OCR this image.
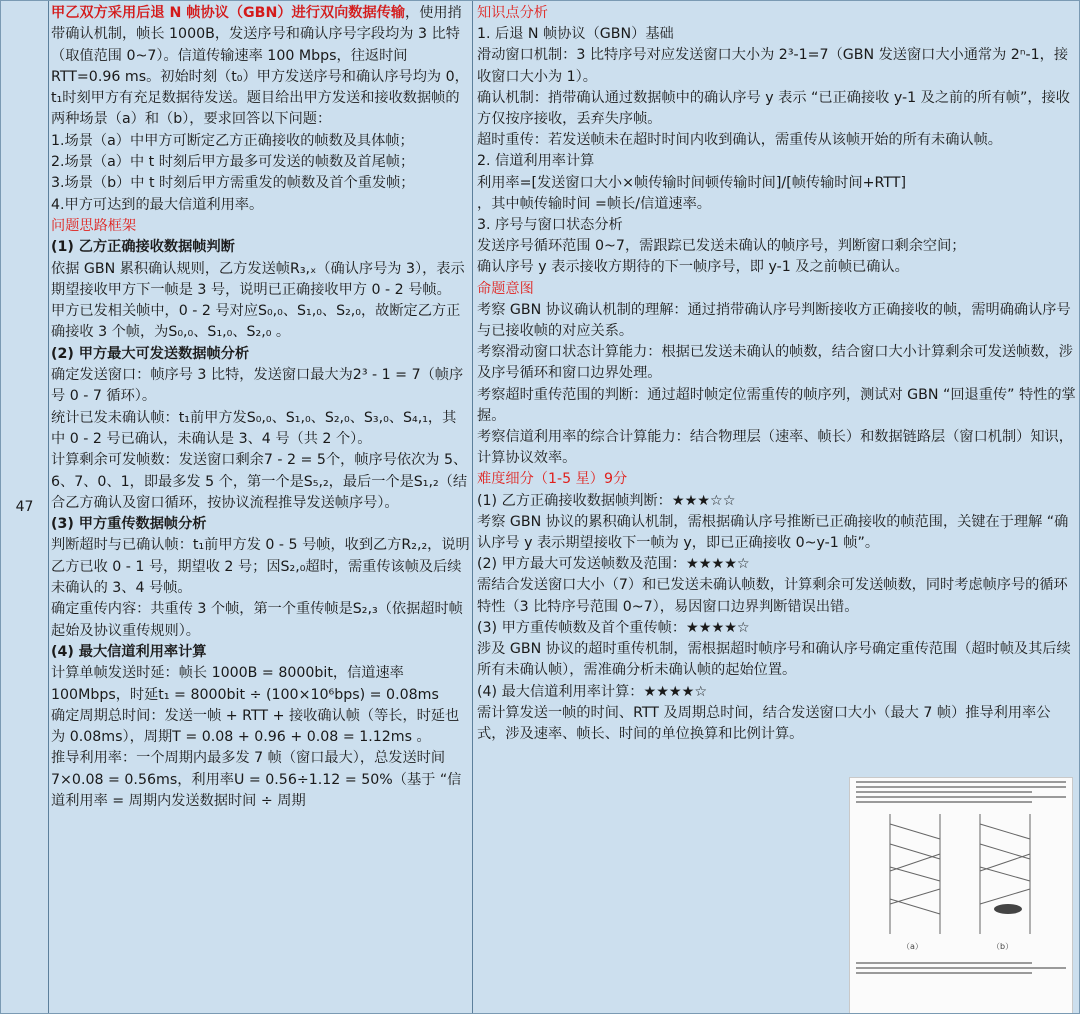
47

甲乙双方采用后退 N 帧协议（GBN）进行双向数据传输，使用捎带确认机制，帧长 1000B，发送序号和确认序号字段均为 3 比特（取值范围 0~7）。信道传输速率 100 Mbps，往返时间 RTT=0.96 ms。初始时刻（t₀）甲方发送序号和确认序号均为 0，t₁时刻甲方有充足数据待发送。题目给出甲方发送和接收数据帧的两种场景（a）和（b），要求回答以下问题：

1.场景（a）中甲方可断定乙方正确接收的帧数及具体帧；

2.场景（a）中 t 时刻后甲方最多可发送的帧数及首尾帧；

3.场景（b）中 t 时刻后甲方需重发的帧数及首个重发帧；

4.甲方可达到的最大信道利用率。

问题思路框架

(1) 乙方正确接收数据帧判断

依据 GBN 累积确认规则，乙方发送帧R₃,ₓ（确认序号为 3），表示期望接收甲方下一帧是 3 号，说明已正确接收甲方 0 - 2 号帧。

甲方已发相关帧中，0 - 2 号对应S₀,₀、S₁,₀、S₂,₀，故断定乙方正确接收 3 个帧，为S₀,₀、S₁,₀、S₂,₀ 。

(2) 甲方最大可发送数据帧分析

确定发送窗口：帧序号 3 比特，发送窗口最大为2³ - 1 = 7（帧序号 0 - 7 循环）。

统计已发未确认帧：t₁前甲方发S₀,₀、S₁,₀、S₂,₀、S₃,₀、S₄,₁，其中 0 - 2 号已确认，未确认是 3、4 号（共 2 个）。

计算剩余可发帧数：发送窗口剩余7 - 2 = 5个，帧序号依次为 5、6、7、0、1，即最多发 5 个，第一个是S₅,₂，最后一个是S₁,₂（结合乙方确认及窗口循环，按协议流程推导发送帧序号）。

(3) 甲方重传数据帧分析

判断超时与已确认帧：t₁前甲方发 0 - 5 号帧，收到乙方R₂,₂，说明乙方已收 0 - 1 号，期望收 2 号；因S₂,₀超时，需重传该帧及后续未确认的 3、4 号帧。

确定重传内容：共重传 3 个帧，第一个重传帧是S₂,₃（依据超时帧起始及协议重传规则）。

(4) 最大信道利用率计算

计算单帧发送时延：帧长 1000B = 8000bit，信道速率 100Mbps，时延t₁ = 8000bit ÷ (100×10⁶bps) = 0.08ms

确定周期总时间：发送一帧 + RTT + 接收确认帧（等长，时延也为 0.08ms），周期T = 0.08 + 0.96 + 0.08 = 1.12ms 。

推导利用率：一个周期内最多发 7 帧（窗口最大），总发送时间7×0.08 = 0.56ms，利用率U = 0.56÷1.12 = 50%（基于 “信道利用率 = 周期内发送数据时间 ÷ 周期

知识点分析

1. 后退 N 帧协议（GBN）基础

滑动窗口机制：3 比特序号对应发送窗口大小为 2³-1=7（GBN 发送窗口大小通常为 2ⁿ-1，接收窗口大小为 1）。

确认机制：捎带确认通过数据帧中的确认序号 y 表示 “已正确接收 y-1 及之前的所有帧”，接收方仅按序接收，丢弃失序帧。

超时重传：若发送帧未在超时时间内收到确认，需重传从该帧开始的所有未确认帧。

2. 信道利用率计算

利用率=[发送窗口大小×帧传输时间顿传输时间]/[帧传输时间+RTT]

，其中帧传输时间 =帧长/信道速率。

3. 序号与窗口状态分析

发送序号循环范围 0~7，需跟踪已发送未确认的帧序号，判断窗口剩余空间；

确认序号 y 表示接收方期待的下一帧序号，即 y-1 及之前帧已确认。

命题意图

考察 GBN 协议确认机制的理解：通过捎带确认序号判断接收方正确接收的帧，需明确确认序号与已接收帧的对应关系。

考察滑动窗口状态计算能力：根据已发送未确认的帧数，结合窗口大小计算剩余可发送帧数，涉及序号循环和窗口边界处理。

考察超时重传范围的判断：通过超时帧定位需重传的帧序列，测试对 GBN “回退重传” 特性的掌握。

考察信道利用率的综合计算能力：结合物理层（速率、帧长）和数据链路层（窗口机制）知识，计算协议效率。

难度细分（1-5 星）9分

(1) 乙方正确接收数据帧判断：★★★☆☆

考察 GBN 协议的累积确认机制，需根据确认序号推断已正确接收的帧范围，关键在于理解 “确认序号 y 表示期望接收下一帧为 y，即已正确接收 0~y-1 帧”。

(2) 甲方最大可发送帧数及范围：★★★★☆

需结合发送窗口大小（7）和已发送未确认帧数，计算剩余可发送帧数，同时考虑帧序号的循环特性（3 比特序号范围 0~7），易因窗口边界判断错误出错。

(3) 甲方重传帧数及首个重传帧：★★★★☆

涉及 GBN 协议的超时重传机制，需根据超时帧序号和确认序号确定重传范围（超时帧及其后续所有未确认帧），需准确分析未确认帧的起始位置。

(4) 最大信道利用率计算：★★★★☆

需计算发送一帧的时间、RTT 及周期总时间，结合发送窗口大小（最大 7 帧）推导利用率公式，涉及速率、帧长、时间的单位换算和比例计算。

（a）	（b）
